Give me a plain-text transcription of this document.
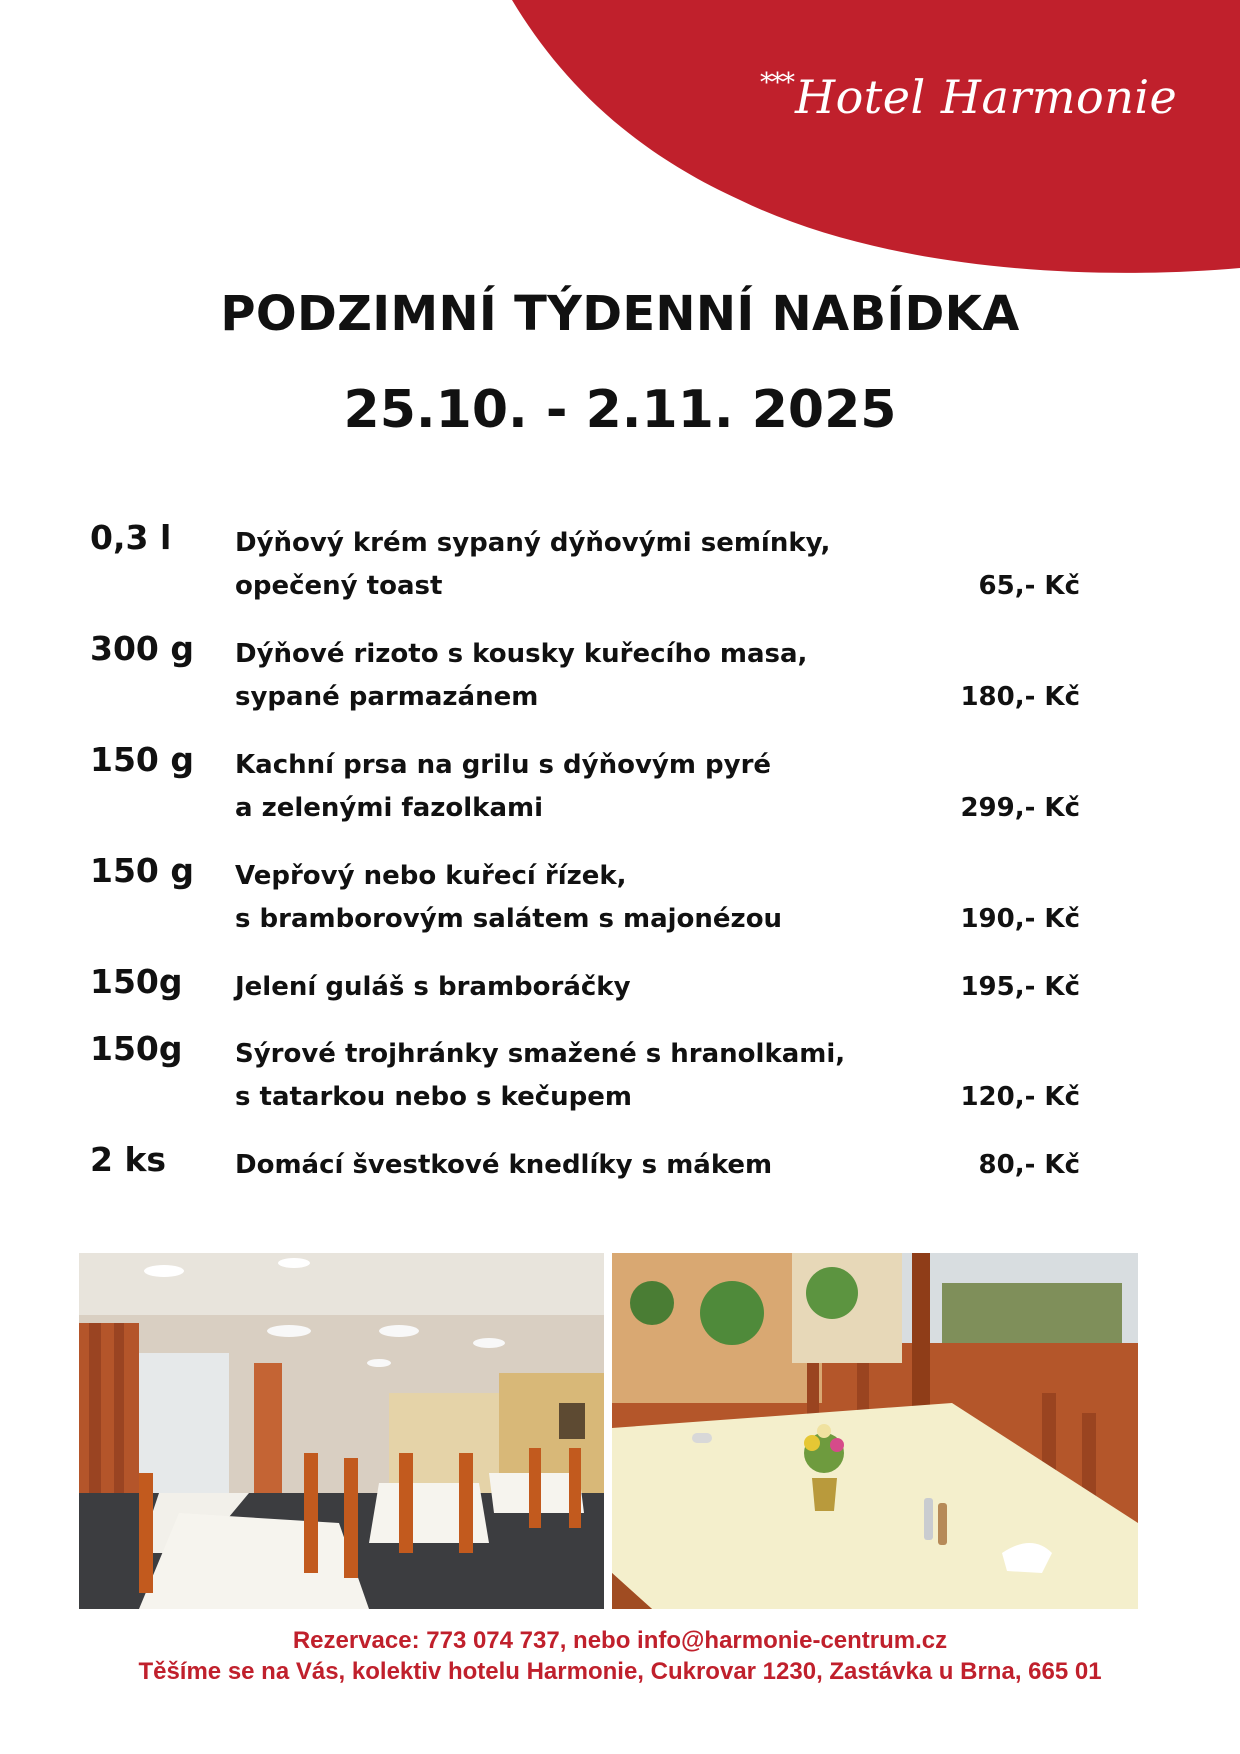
***Hotel Harmonie
PODZIMNÍ TÝDENNÍ NABÍDKA
25.10. - 2.11. 2025
0,3 l Dýňový krém sypaný dýňovými semínky,
opečený toast	65,- Kč
300 g Dýňové rizoto s kousky kuřecího masa,
sypané parmazánem	180,- Kč
150 g Kachní prsa na grilu s dýňovým pyré
a zelenými fazolkami	299,- Kč
150 g Vepřový nebo kuřecí řízek,
s bramborovým salátem s majonézou	190,- Kč
150g Jelení guláš s bramboráčky	195,- Kč
150g Sýrové trojhránky smažené s hranolkami,
s tatarkou nebo s kečupem	120,- Kč
2 ks	Domácí švestkové knedlíky s mákem	80,- Kč
Rezervace: 773 074 737, nebo info@harmonie-centrum.cz
Těšíme se na Vás, kolektiv hotelu Harmonie, Cukrovar 1230, Zastávka u Brna, 665 01
